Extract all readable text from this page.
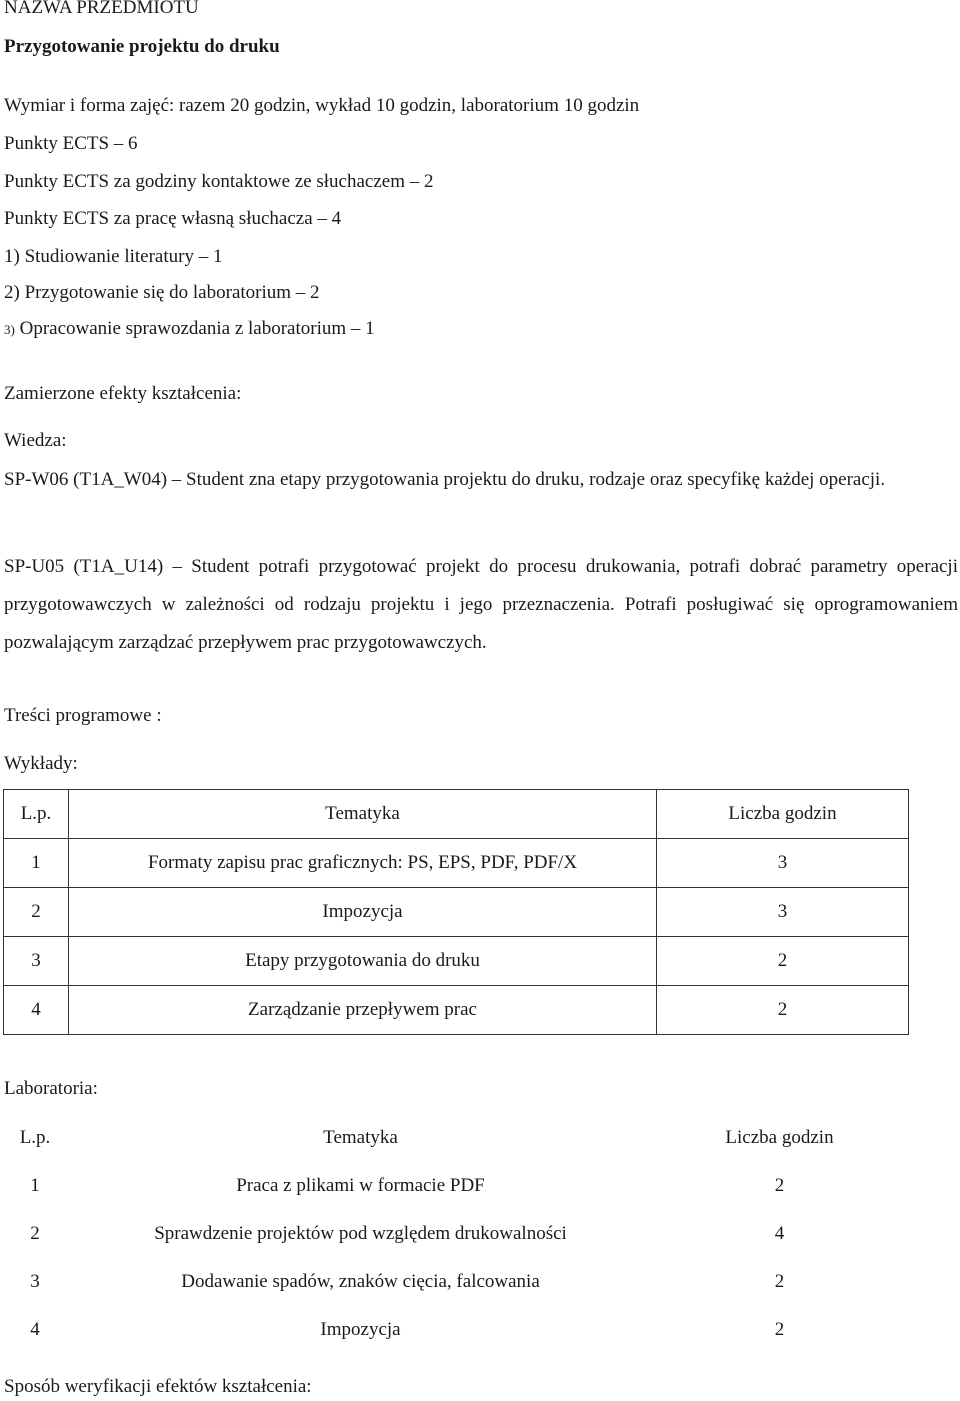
NAZWA PRZEDMIOTU
Przygotowanie projektu do druku
Wymiar i forma zajęć: razem 20 godzin, wykład 10 godzin, laboratorium 10 godzin
Punkty ECTS – 6
Punkty ECTS za godziny kontaktowe ze słuchaczem – 2
Punkty ECTS za pracę własną słuchacza – 4
1) Studiowanie literatury – 1
2) Przygotowanie się do laboratorium – 2
3) Opracowanie sprawozdania z laboratorium – 1
Zamierzone efekty kształcenia:
Wiedza:
SP-W06 (T1A_W04) – Student zna etapy przygotowania projektu do druku, rodzaje oraz specyfikę każdej operacji.
SP-U05 (T1A_U14) – Student potrafi przygotować projekt do procesu drukowania, potrafi dobrać parametry operacji przygotowawczych w zależności od rodzaju projektu i jego przeznaczenia. Potrafi posługiwać się oprogramowaniem pozwalającym zarządzać przepływem prac przygotowawczych.
Treści programowe :
Wykłady:
L.p.	Tematyka	Liczba godzin
1	Formaty zapisu prac graficznych: PS, EPS, PDF, PDF/X	3
2	Impozycja	3
3	Etapy przygotowania do druku	2
4	Zarządzanie przepływem prac	2
Laboratoria:
L.p.	Tematyka	Liczba godzin
1	Praca z plikami w formacie PDF	2
2	Sprawdzenie projektów pod względem drukowalności	4
3	Dodawanie spadów, znaków cięcia, falcowania	2
4	Impozycja	2
Sposób weryfikacji efektów kształcenia:
